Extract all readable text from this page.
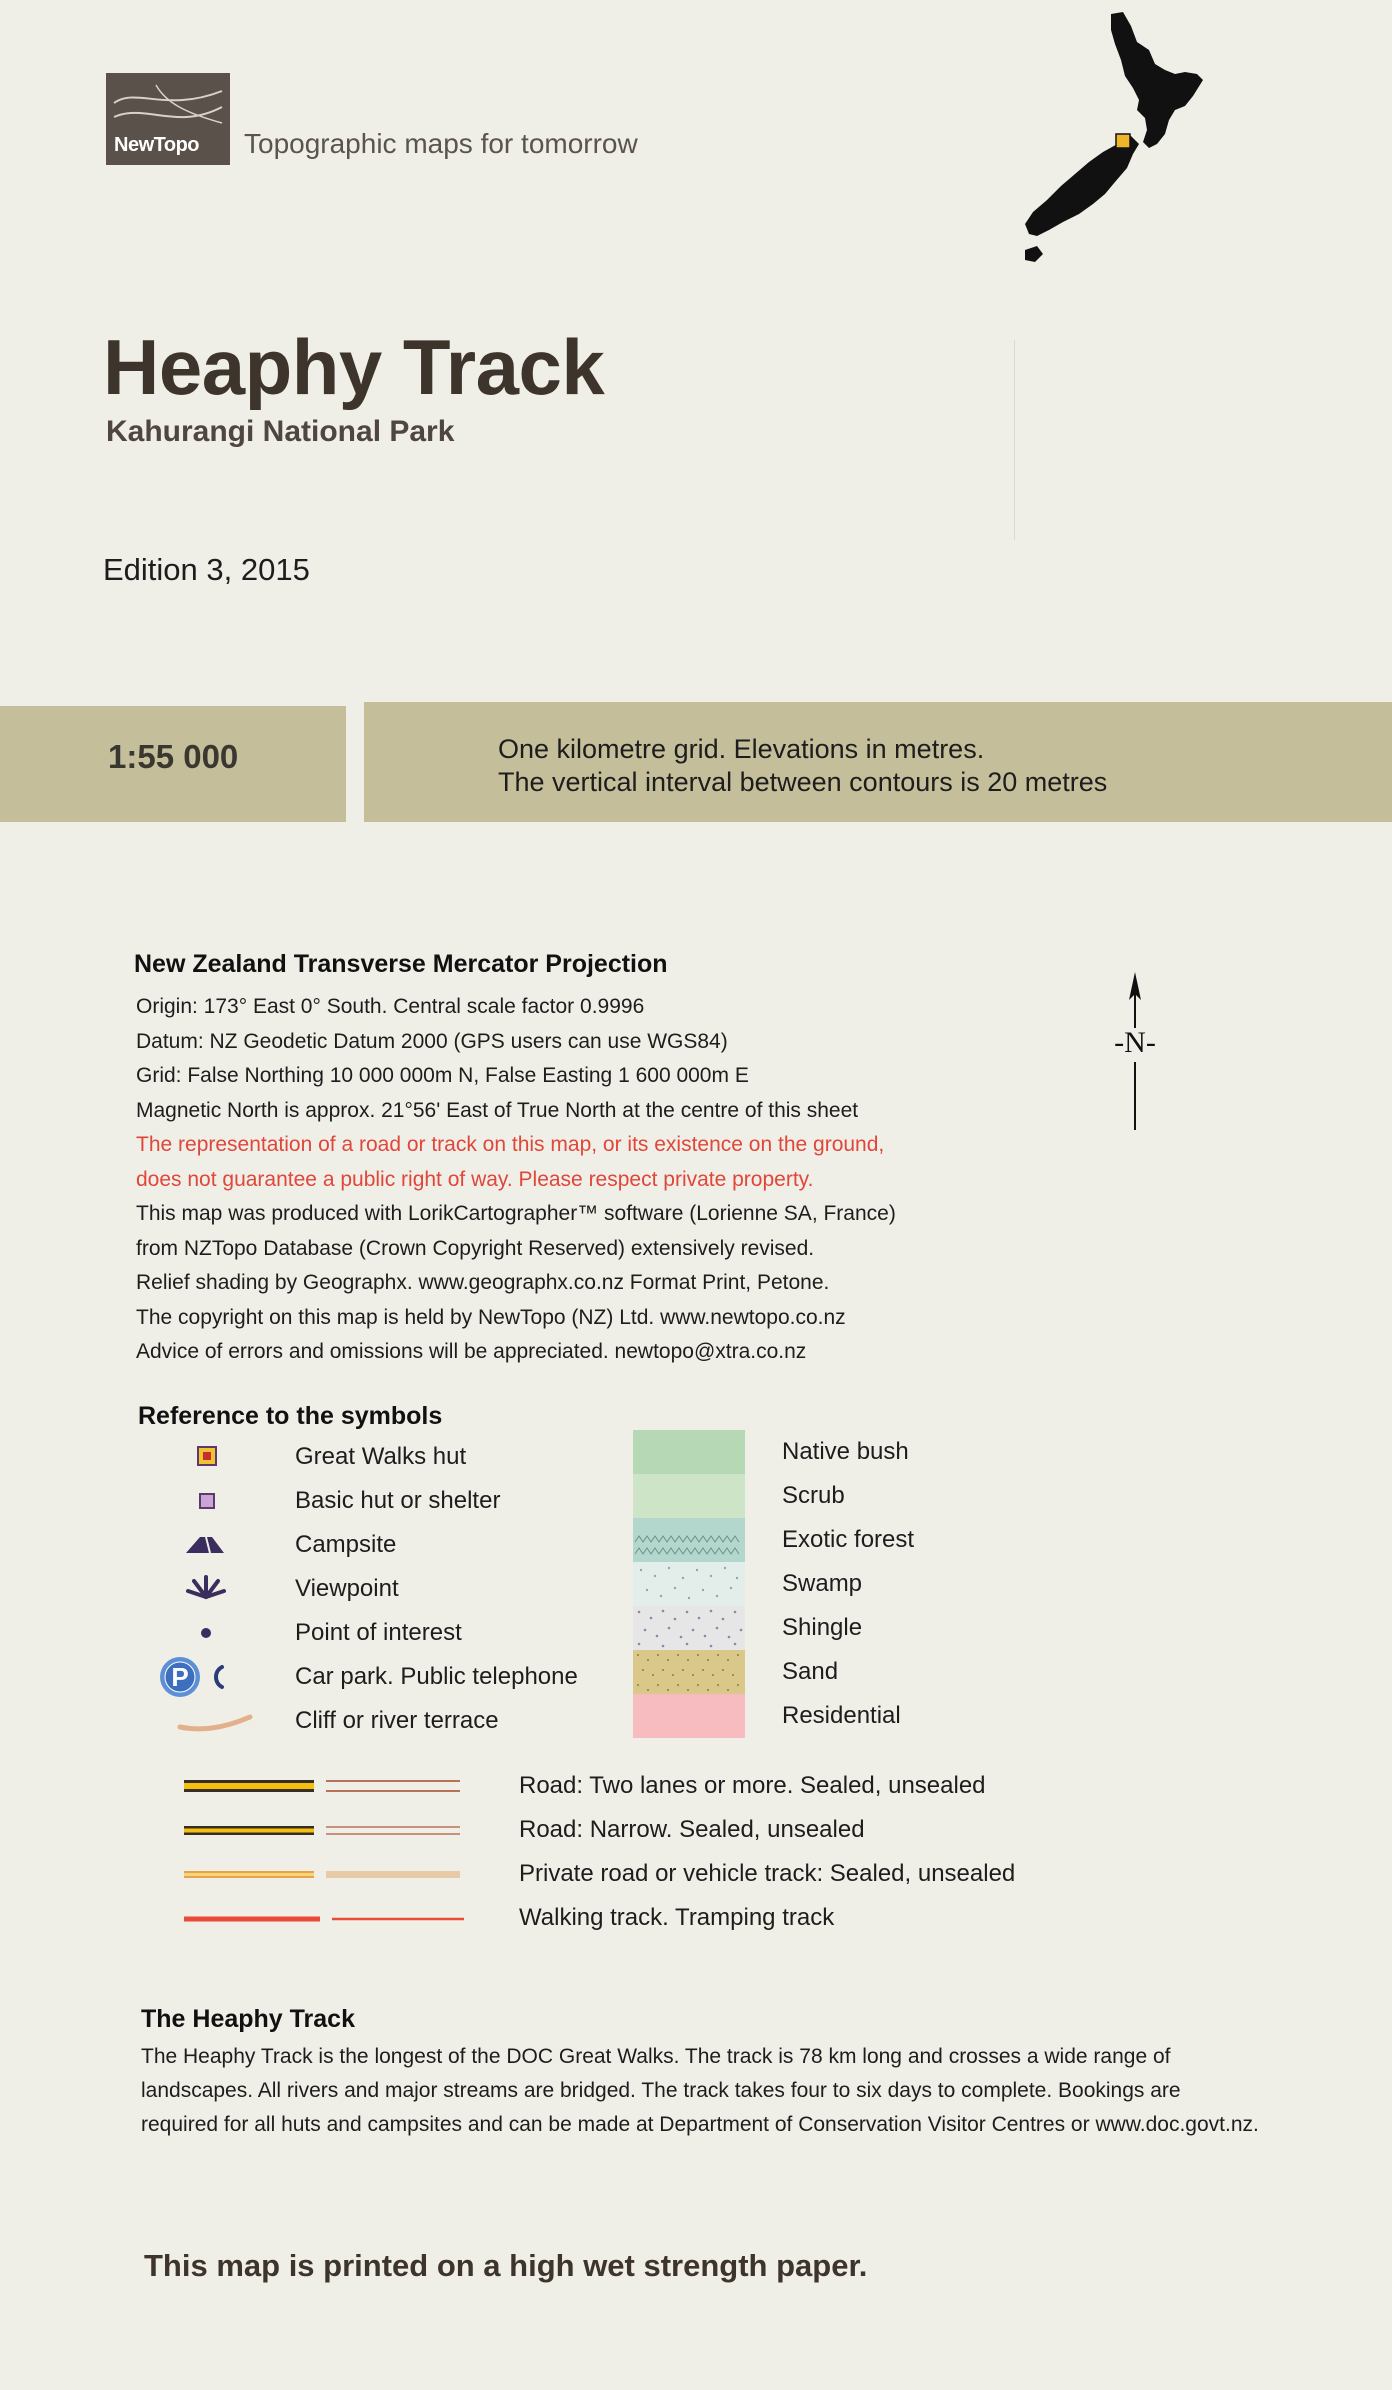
NewTopo Topographic maps for tomorrow
Heaphy Track
Kahurangi National Park
Edition 3, 2015
1:55 000	One kilometre grid. Elevations in metres.
The vertical interval between contours is 20 metres
New Zealand Transverse Mercator Projection
Origin: 173° East 0° South. Central scale factor 0.9996
Datum: NZ Geodetic Datum 2000 (GPS users can use WGS84)
Grid: False Northing 10 000 000m N, False Easting 1 600 000m E
Magnetic North is approx. 21°56' East of True North at the centre of this sheet
The representation of a road or track on this map, or its existence on the ground,
does not guarantee a public right of way. Please respect private property.
This map was produced with LorikCartographer™ software (Lorienne SA, France)
from NZTopo Database (Crown Copyright Reserved) extensively revised.
Relief shading by Geographx. www.geographx.co.nz Format Print, Petone.
The copyright on this map is held by NewTopo (NZ) Ltd. www.newtopo.co.nz
Advice of errors and omissions will be appreciated. newtopo@xtra.co.nz
-N-
Reference to the symbols
Great Walks hut
Basic hut or shelter
Campsite
Viewpoint
Point of interest
P	Car park. Public telephone
Cliff or river terrace
Native bush
Scrub
Exotic forest
Swamp
Shingle
Sand
Residential
Road: Two lanes or more. Sealed, unsealed
Road: Narrow. Sealed, unsealed
Private road or vehicle track: Sealed, unsealed
Walking track. Tramping track
The Heaphy Track
The Heaphy Track is the longest of the DOC Great Walks. The track is 78 km long and crosses a wide range of
landscapes. All rivers and major streams are bridged. The track takes four to six days to complete. Bookings are
required for all huts and campsites and can be made at Department of Conservation Visitor Centres or www.doc.govt.nz.
This map is printed on a high wet strength paper.
